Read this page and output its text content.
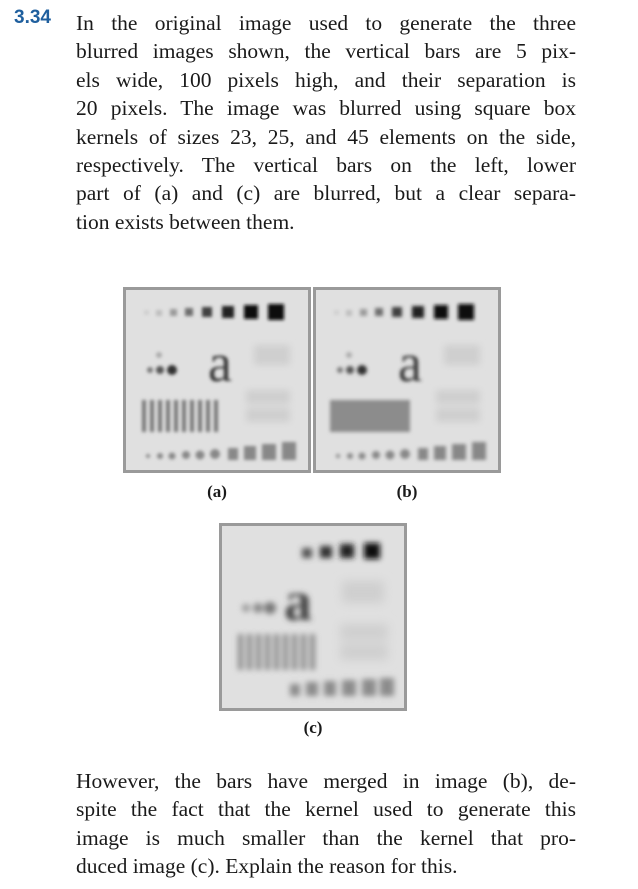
3.34 In the original image used to generate the three
blurred images shown, the vertical bars are 5 pix-
els wide, 100 pixels high, and their separation is
20 pixels. The image was blurred using square box
kernels of sizes 23, 25, and 45 elements on the side,
respectively. The vertical bars on the left, lower
part of (a) and (c) are blurred, but a clear separa-
tion exists between them.
a
(a)
a
(b)
a
(c)
However, the bars have merged in image (b), de-
spite the fact that the kernel used to generate this
image is much smaller than the kernel that pro-
duced image (c). Explain the reason for this.
